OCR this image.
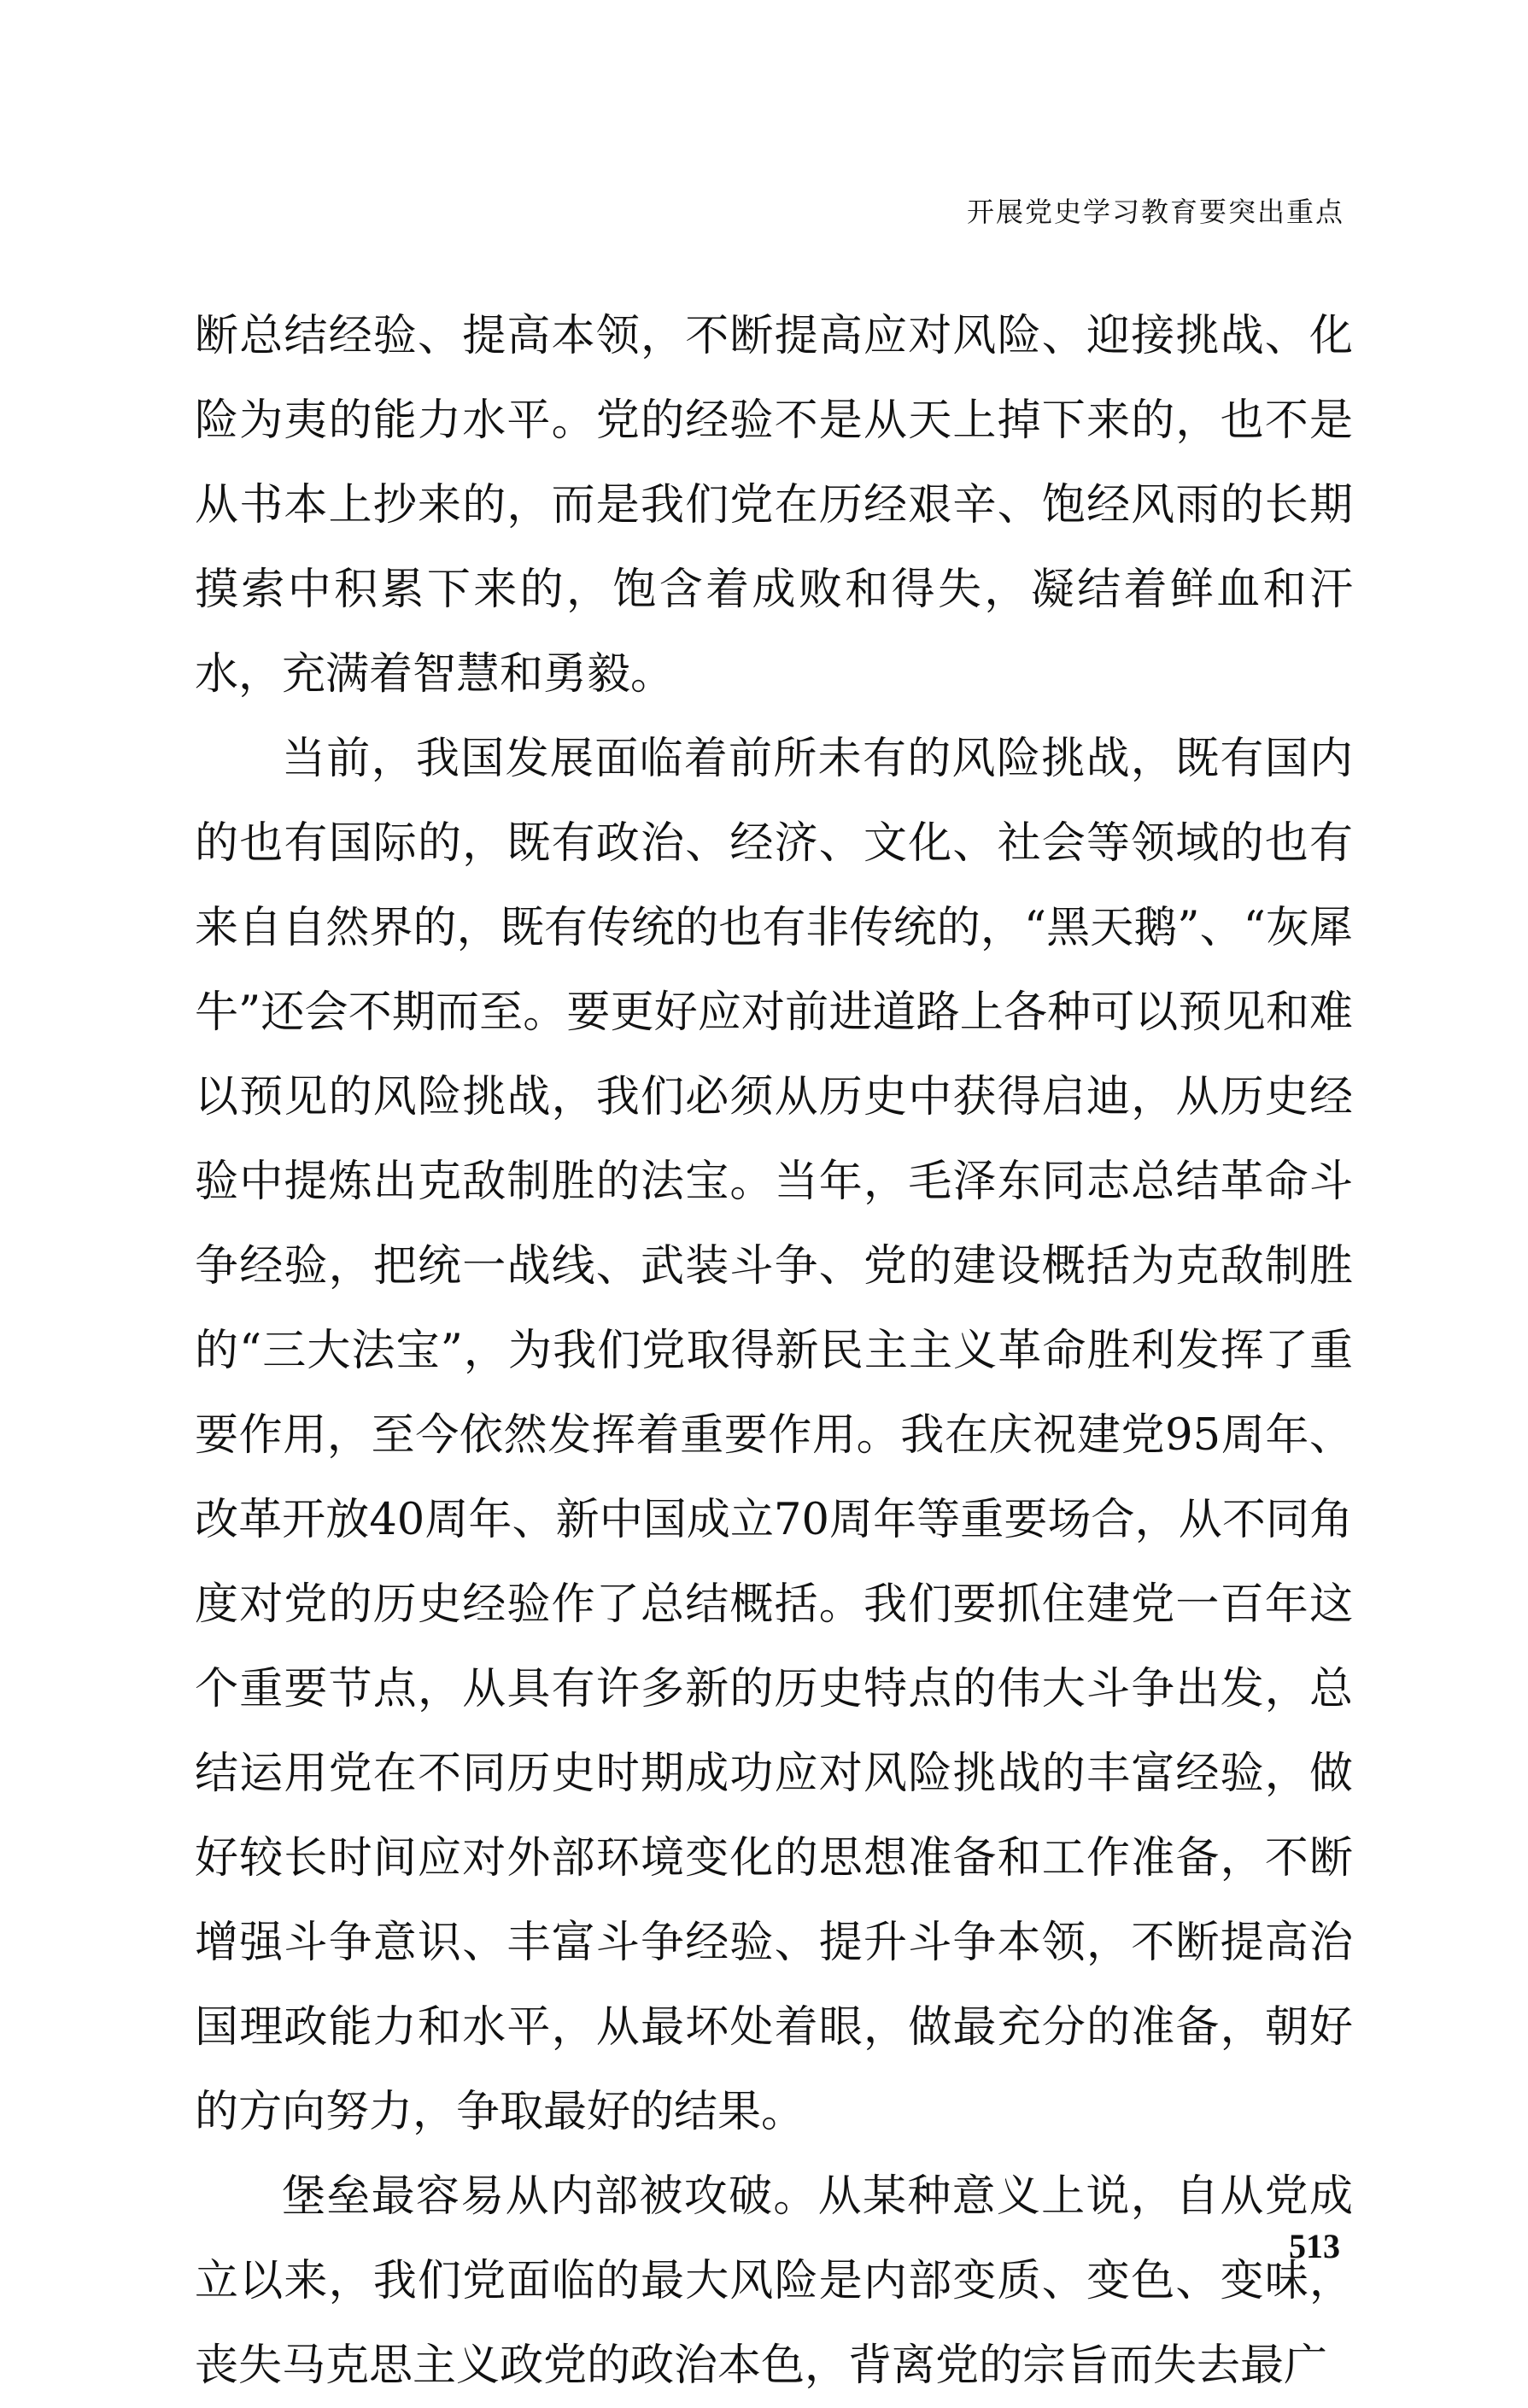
开展党史学习教育要突出重点

断总结经验、提高本领，不断提高应对风险、迎接挑战、化险为夷的能力水平。党的经验不是从天上掉下来的，也不是从书本上抄来的，而是我们党在历经艰辛、饱经风雨的长期摸索中积累下来的，饱含着成败和得失，凝结着鲜血和汗水，充满着智慧和勇毅。

当前，我国发展面临着前所未有的风险挑战，既有国内的也有国际的，既有政治、经济、文化、社会等领域的也有来自自然界的，既有传统的也有非传统的，“黑天鹅”、“灰犀牛”还会不期而至。要更好应对前进道路上各种可以预见和难以预见的风险挑战，我们必须从历史中获得启迪，从历史经验中提炼出克敌制胜的法宝。当年，毛泽东同志总结革命斗争经验，把统一战线、武装斗争、党的建设概括为克敌制胜的“三大法宝”，为我们党取得新民主主义革命胜利发挥了重要作用，至今依然发挥着重要作用。我在庆祝建党95周年、改革开放40周年、新中国成立70周年等重要场合，从不同角度对党的历史经验作了总结概括。我们要抓住建党一百年这个重要节点，从具有许多新的历史特点的伟大斗争出发，总结运用党在不同历史时期成功应对风险挑战的丰富经验，做好较长时间应对外部环境变化的思想准备和工作准备，不断增强斗争意识、丰富斗争经验、提升斗争本领，不断提高治国理政能力和水平，从最坏处着眼，做最充分的准备，朝好的方向努力，争取最好的结果。

堡垒最容易从内部被攻破。从某种意义上说，自从党成立以来，我们党面临的最大风险是内部变质、变色、变味，丧失马克思主义政党的政治本色，背离党的宗旨而失去最广

513
